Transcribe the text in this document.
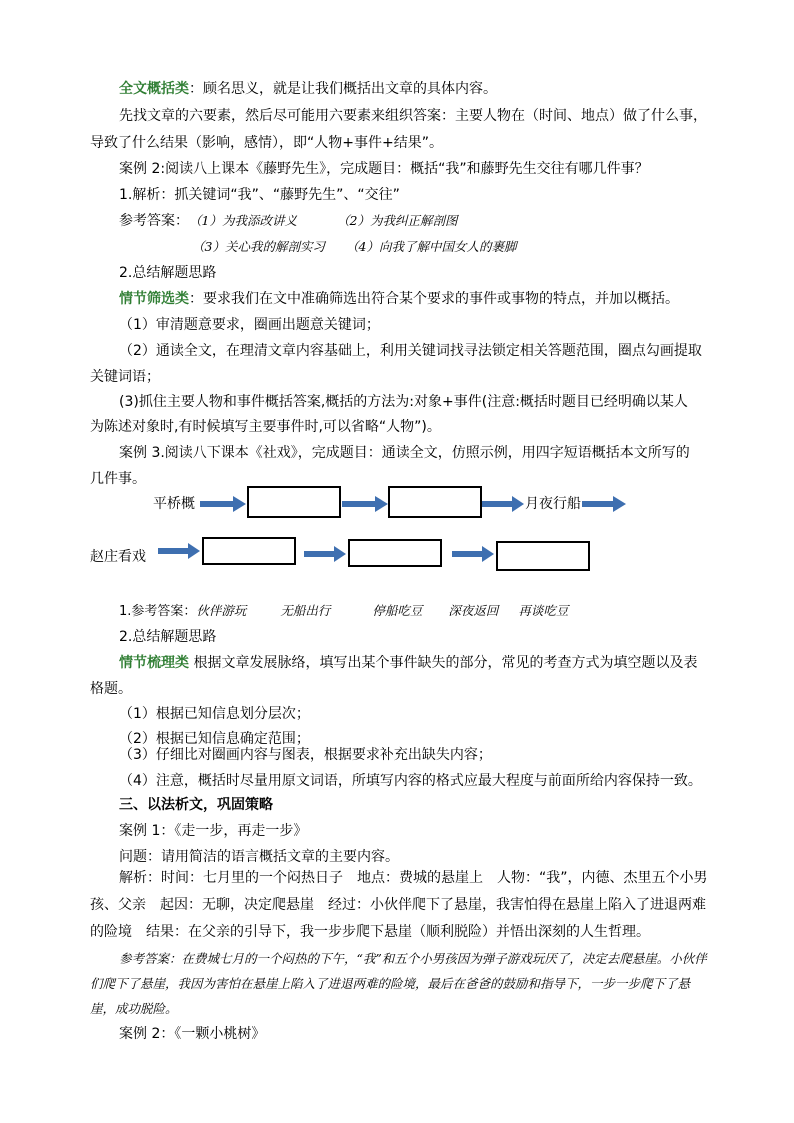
全文概括类：顾名思义，就是让我们概括出文章的具体内容。
先找文章的六要素，然后尽可能用六要素来组织答案：主要人物在（时间、地点）做了什么事，
导致了什么结果（影响，感情），即“人物+事件+结果”。
案例 2:阅读八上课本《藤野先生》，完成题目：概括“我”和藤野先生交往有哪几件事？
1.解析：抓关键词“我”、“藤野先生”、“交往”
参考答案：（1）为我添改讲义	（2）为我纠正解剖图
（3）关心我的解剖实习 （4）向我了解中国女人的裹脚
2.总结解题思路
情节筛选类：要求我们在文中准确筛选出符合某个要求的事件或事物的特点，并加以概括。
（1）审清题意要求，圈画出题意关键词；
（2）通读全文，在理清文章内容基础上，利用关键词找寻法锁定相关答题范围，圈点勾画提取
关键词语；
(3)抓住主要人物和事件概括答案,概括的方法为:对象+事件(注意:概括时题目已经明确以某人
为陈述对象时,有时候填写主要事件时,可以省略“人物”)。
案例 3.阅读八下课本《社戏》，完成题目：通读全文，仿照示例，用四字短语概括本文所写的
几件事。
平桥概	月夜行船
赵庄看戏
1.参考答案：伙伴游玩	无船出行	停船吃豆 深夜返回 再谈吃豆
2.总结解题思路
情节梳理类 根据文章发展脉络，填写出某个事件缺失的部分，常见的考查方式为填空题以及表
格题。
（1）根据已知信息划分层次；
（2）根据已知信息确定范围；
（3）仔细比对圈画内容与图表，根据要求补充出缺失内容；
（4）注意，概括时尽量用原文词语，所填写内容的格式应最大程度与前面所给内容保持一致。
三、以法析文，巩固策略
案例 1：《走一步，再走一步》
问题：请用简洁的语言概括文章的主要内容。
解析：时间：七月里的一个闷热日子　地点：费城的悬崖上　人物：“我”，内德、杰里五个小男孩、父亲　起因：无聊，决定爬悬崖　经过：小伙伴爬下了悬崖，我害怕得在悬崖上陷入了进退两难的险境　结果：在父亲的引导下，我一步步爬下悬崖（顺利脱险）并悟出深刻的人生哲理。
参考答案：在费城七月的一个闷热的下午，“我”和五个小男孩因为弹子游戏玩厌了，决定去爬悬崖。小伙伴们爬下了悬崖，我因为害怕在悬崖上陷入了进退两难的险境，最后在爸爸的鼓励和指导下，一步一步爬下了悬崖，成功脱险。
案例 2：《一颗小桃树》
